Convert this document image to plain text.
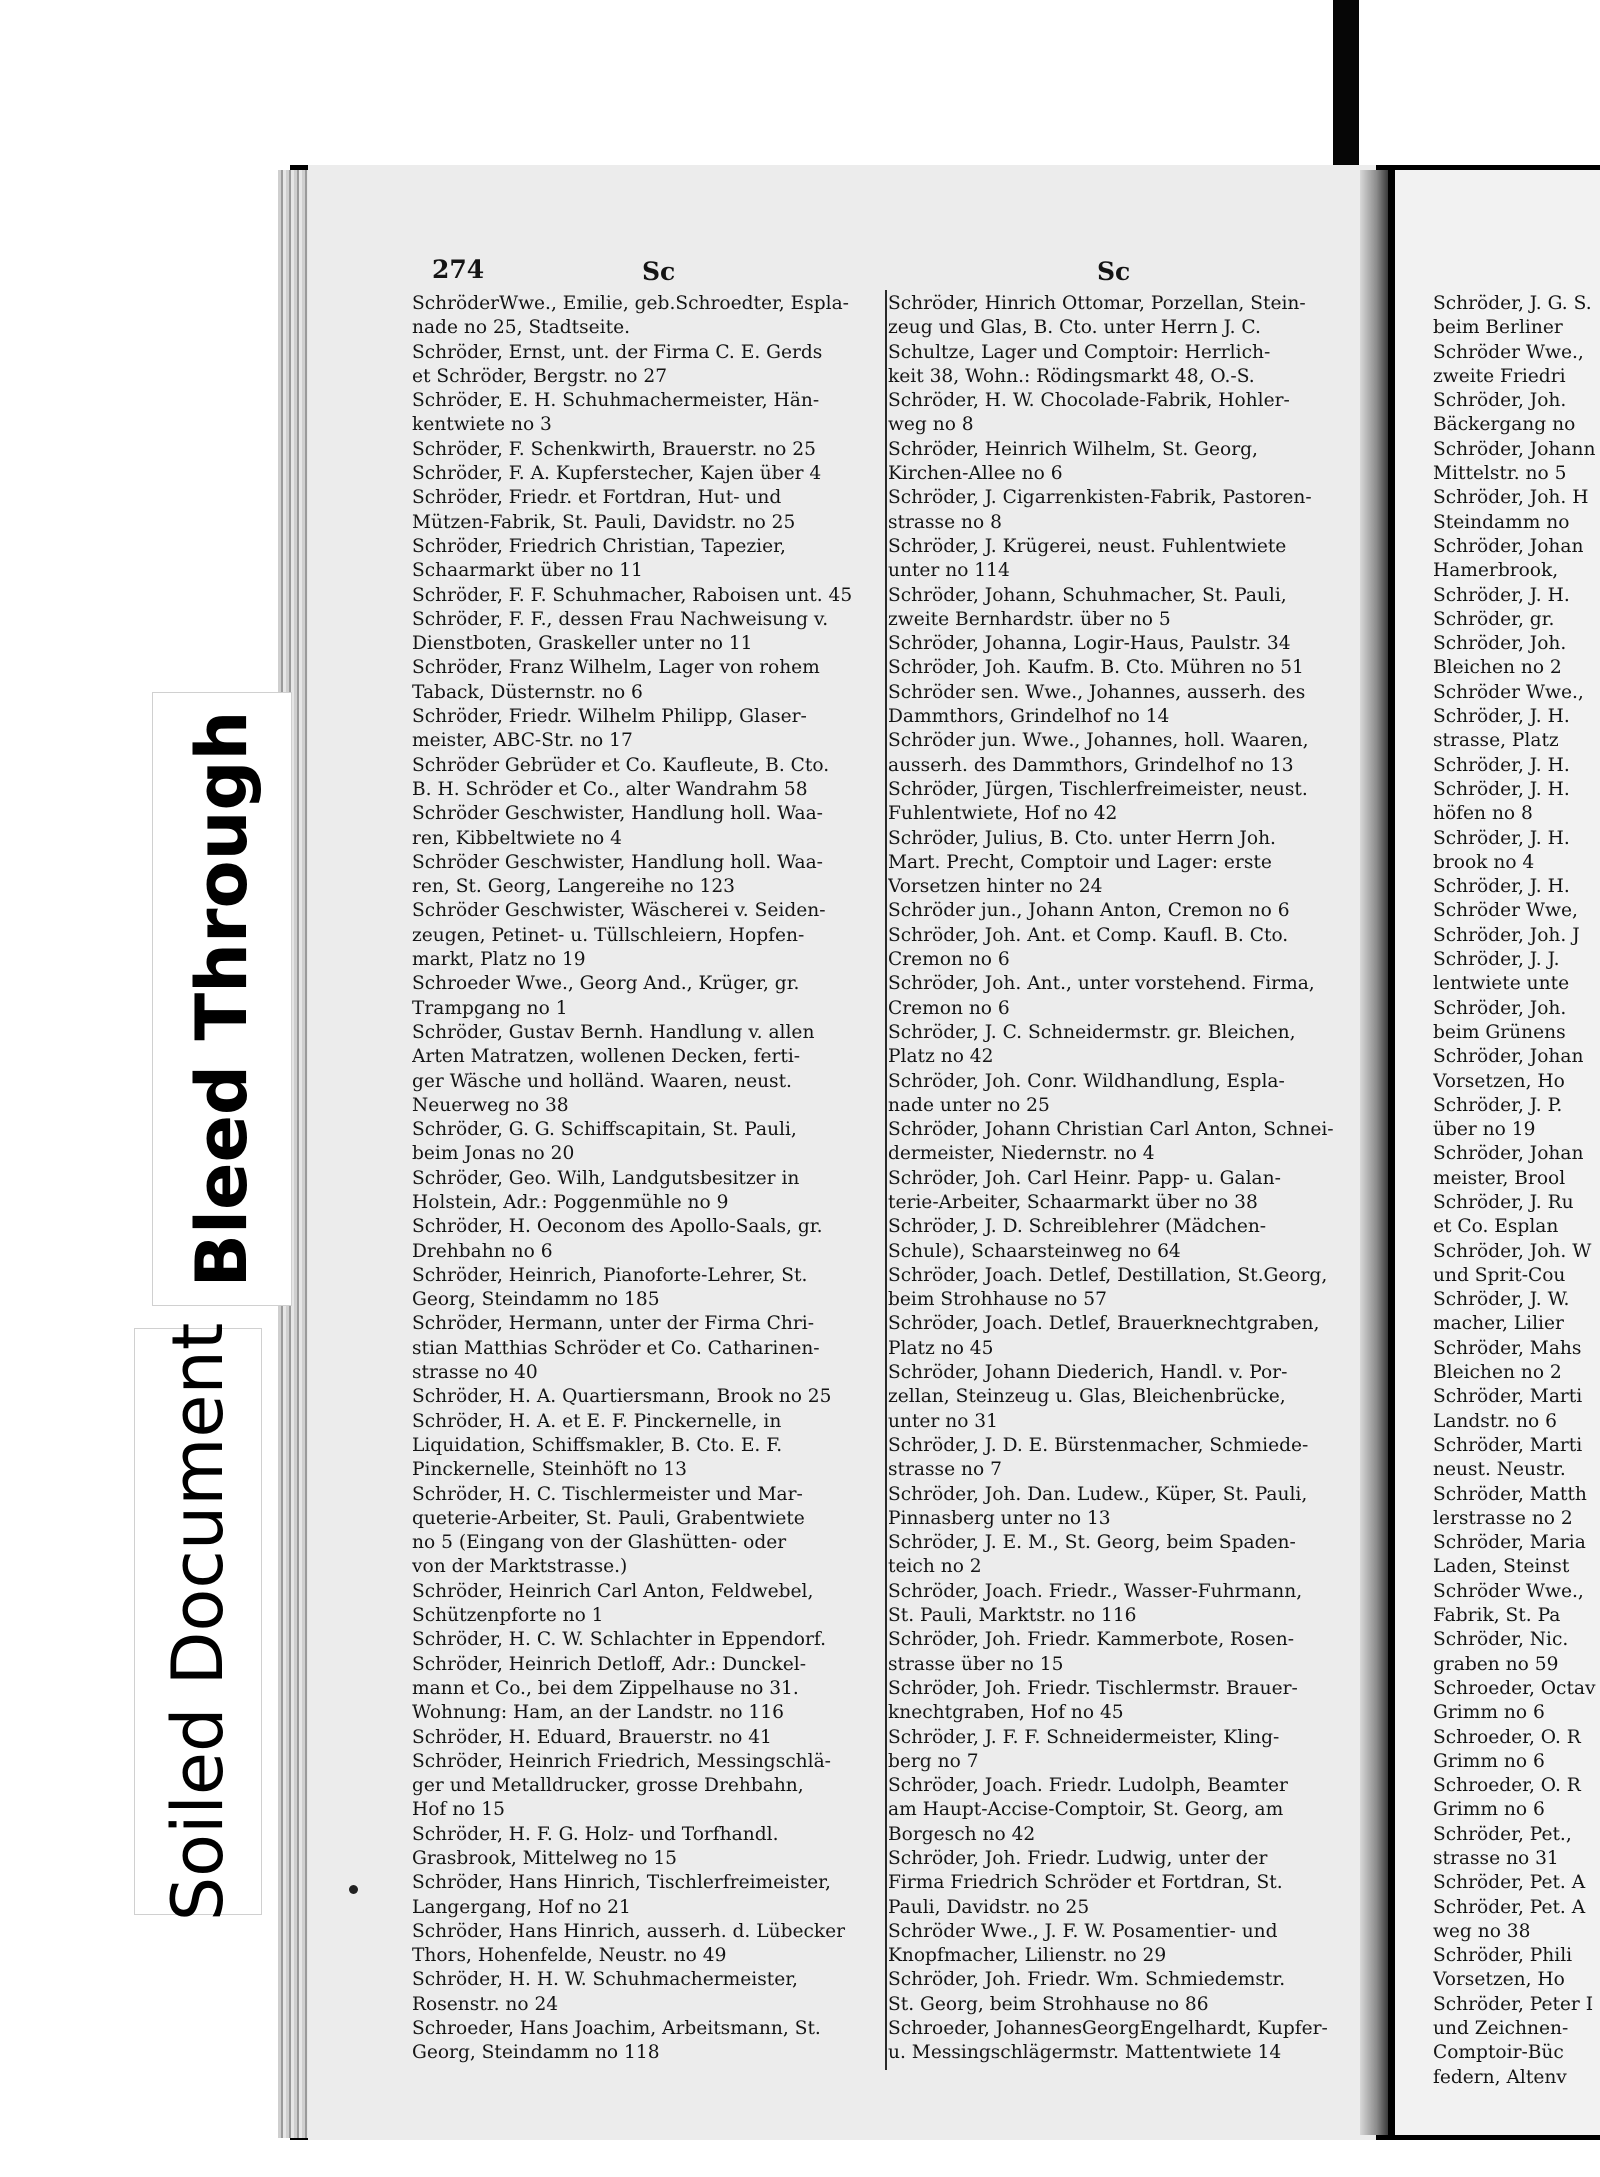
274	Sc	Sc
SchröderWwe., Emilie, geb.Schroedter, Espla-
nade no 25, Stadtseite.
Schröder, Ernst, unt. der Firma C. E. Gerds
et Schröder, Bergstr. no 27
Schröder, E. H. Schuhmachermeister, Hän-
kentwiete no 3
Schröder, F. Schenkwirth, Brauerstr. no 25
Schröder, F. A. Kupferstecher, Kajen über 4
Schröder, Friedr. et Fortdran, Hut- und
Mützen-Fabrik, St. Pauli, Davidstr. no 25
Schröder, Friedrich Christian, Tapezier,
Schaarmarkt über no 11
Schröder, F. F. Schuhmacher, Raboisen unt. 45
Schröder, F. F., dessen Frau Nachweisung v.
Dienstboten, Graskeller unter no 11
Schröder, Franz Wilhelm, Lager von rohem
Taback, Düsternstr. no 6
Schröder, Friedr. Wilhelm Philipp, Glaser-
meister, ABC-Str. no 17
Schröder Gebrüder et Co. Kaufleute, B. Cto.
B. H. Schröder et Co., alter Wandrahm 58
Schröder Geschwister, Handlung holl. Waa-
ren, Kibbeltwiete no 4
Schröder Geschwister, Handlung holl. Waa-
ren, St. Georg, Langereihe no 123
Schröder Geschwister, Wäscherei v. Seiden-
zeugen, Petinet- u. Tüllschleiern, Hopfen-
markt, Platz no 19
Schroeder Wwe., Georg And., Krüger, gr.
Trampgang no 1
Schröder, Gustav Bernh. Handlung v. allen
Arten Matratzen, wollenen Decken, ferti-
ger Wäsche und holländ. Waaren, neust.
Neuerweg no 38
Schröder, G. G. Schiffscapitain, St. Pauli,
beim Jonas no 20
Schröder, Geo. Wilh, Landgutsbesitzer in
Holstein, Adr.: Poggenmühle no 9
Schröder, H. Oeconom des Apollo-Saals, gr.
Drehbahn no 6
Schröder, Heinrich, Pianoforte-Lehrer, St.
Georg, Steindamm no 185
Schröder, Hermann, unter der Firma Chri-
stian Matthias Schröder et Co. Catharinen-
strasse no 40
Schröder, H. A. Quartiersmann, Brook no 25
Schröder, H. A. et E. F. Pinckernelle, in
Liquidation, Schiffsmakler, B. Cto. E. F.
Pinckernelle, Steinhöft no 13
Schröder, H. C. Tischlermeister und Mar-
queterie-Arbeiter, St. Pauli, Grabentwiete
no 5 (Eingang von der Glashütten- oder
von der Marktstrasse.)
Schröder, Heinrich Carl Anton, Feldwebel,
Schützenpforte no 1
Schröder, H. C. W. Schlachter in Eppendorf.
Schröder, Heinrich Detloff, Adr.: Dunckel-
mann et Co., bei dem Zippelhause no 31.
Wohnung: Ham, an der Landstr. no 116
Schröder, H. Eduard, Brauerstr. no 41
Schröder, Heinrich Friedrich, Messingschlä-
ger und Metalldrucker, grosse Drehbahn,
Hof no 15
Schröder, H. F. G. Holz- und Torfhandl.
Grasbrook, Mittelweg no 15
Schröder, Hans Hinrich, Tischlerfreimeister,
Langergang, Hof no 21
Schröder, Hans Hinrich, ausserh. d. Lübecker
Thors, Hohenfelde, Neustr. no 49
Schröder, H. H. W. Schuhmachermeister,
Rosenstr. no 24
Schroeder, Hans Joachim, Arbeitsmann, St.
Georg, Steindamm no 118
Schröder, Hinrich Ottomar, Porzellan, Stein-
zeug und Glas, B. Cto. unter Herrn J. C.
Schultze, Lager und Comptoir: Herrlich-
keit 38, Wohn.: Rödingsmarkt 48, O.-S.
Schröder, H. W. Chocolade-Fabrik, Hohler-
weg no 8
Schröder, Heinrich Wilhelm, St. Georg,
Kirchen-Allee no 6
Schröder, J. Cigarrenkisten-Fabrik, Pastoren-
strasse no 8
Schröder, J. Krügerei, neust. Fuhlentwiete
unter no 114
Schröder, Johann, Schuhmacher, St. Pauli,
zweite Bernhardstr. über no 5
Schröder, Johanna, Logir-Haus, Paulstr. 34
Schröder, Joh. Kaufm. B. Cto. Mühren no 51
Schröder sen. Wwe., Johannes, ausserh. des
Dammthors, Grindelhof no 14
Schröder jun. Wwe., Johannes, holl. Waaren,
ausserh. des Dammthors, Grindelhof no 13
Schröder, Jürgen, Tischlerfreimeister, neust.
Fuhlentwiete, Hof no 42
Schröder, Julius, B. Cto. unter Herrn Joh.
Mart. Precht, Comptoir und Lager: erste
Vorsetzen hinter no 24
Schröder jun., Johann Anton, Cremon no 6
Schröder, Joh. Ant. et Comp. Kaufl. B. Cto.
Cremon no 6
Schröder, Joh. Ant., unter vorstehend. Firma,
Cremon no 6
Schröder, J. C. Schneidermstr. gr. Bleichen,
Platz no 42
Schröder, Joh. Conr. Wildhandlung, Espla-
nade unter no 25
Schröder, Johann Christian Carl Anton, Schnei-
dermeister, Niedernstr. no 4
Schröder, Joh. Carl Heinr. Papp- u. Galan-
terie-Arbeiter, Schaarmarkt über no 38
Schröder, J. D. Schreiblehrer (Mädchen-
Schule), Schaarsteinweg no 64
Schröder, Joach. Detlef, Destillation, St.Georg,
beim Strohhause no 57
Schröder, Joach. Detlef, Brauerknechtgraben,
Platz no 45
Schröder, Johann Diederich, Handl. v. Por-
zellan, Steinzeug u. Glas, Bleichenbrücke,
unter no 31
Schröder, J. D. E. Bürstenmacher, Schmiede-
strasse no 7
Schröder, Joh. Dan. Ludew., Küper, St. Pauli,
Pinnasberg unter no 13
Schröder, J. E. M., St. Georg, beim Spaden-
teich no 2
Schröder, Joach. Friedr., Wasser-Fuhrmann,
St. Pauli, Marktstr. no 116
Schröder, Joh. Friedr. Kammerbote, Rosen-
strasse über no 15
Schröder, Joh. Friedr. Tischlermstr. Brauer-
knechtgraben, Hof no 45
Schröder, J. F. F. Schneidermeister, Kling-
berg no 7
Schröder, Joach. Friedr. Ludolph, Beamter
am Haupt-Accise-Comptoir, St. Georg, am
Borgesch no 42
Schröder, Joh. Friedr. Ludwig, unter der
Firma Friedrich Schröder et Fortdran, St.
Pauli, Davidstr. no 25
Schröder Wwe., J. F. W. Posamentier- und
Knopfmacher, Lilienstr. no 29
Schröder, Joh. Friedr. Wm. Schmiedemstr.
St. Georg, beim Strohhause no 86
Schroeder, JohannesGeorgEngelhardt, Kupfer-
u. Messingschlägermstr. Mattentwiete 14
Schröder, J. G. S.
beim Berliner
Schröder Wwe.,
zweite Friedri
Schröder, Joh.
Bäckergang no
Schröder, Johann
Mittelstr. no 5
Schröder, Joh. H
Steindamm no
Schröder, Johan
Hamerbrook,
Schröder, J. H.
Schröder, gr.
Schröder, Joh.
Bleichen no 2
Schröder Wwe.,
Schröder, J. H.
strasse, Platz
Schröder, J. H.
Schröder, J. H.
höfen no 8
Schröder, J. H.
brook no 4
Schröder, J. H.
Schröder Wwe,
Schröder, Joh. J
Schröder, J. J.
lentwiete unte
Schröder, Joh.
beim Grünens
Schröder, Johan
Vorsetzen, Ho
Schröder, J. P.
über no 19
Schröder, Johan
meister, Brool
Schröder, J. Ru
et Co. Esplan
Schröder, Joh. W
und Sprit-Cou
Schröder, J. W.
macher, Lilier
Schröder, Mahs
Bleichen no 2
Schröder, Marti
Landstr. no 6
Schröder, Marti
neust. Neustr.
Schröder, Matth
lerstrasse no 2
Schröder, Maria
Laden, Steinst
Schröder Wwe.,
Fabrik, St. Pa
Schröder, Nic.
graben no 59
Schroeder, Octav
Grimm no 6
Schroeder, O. R
Grimm no 6
Schroeder, O. R
Grimm no 6
Schröder, Pet.,
strasse no 31
Schröder, Pet. A
Schröder, Pet. A
weg no 38
Schröder, Phili
Vorsetzen, Ho
Schröder, Peter I
und Zeichnen-
Comptoir-Büc
federn, Altenv
Bleed Through
Soiled Document
